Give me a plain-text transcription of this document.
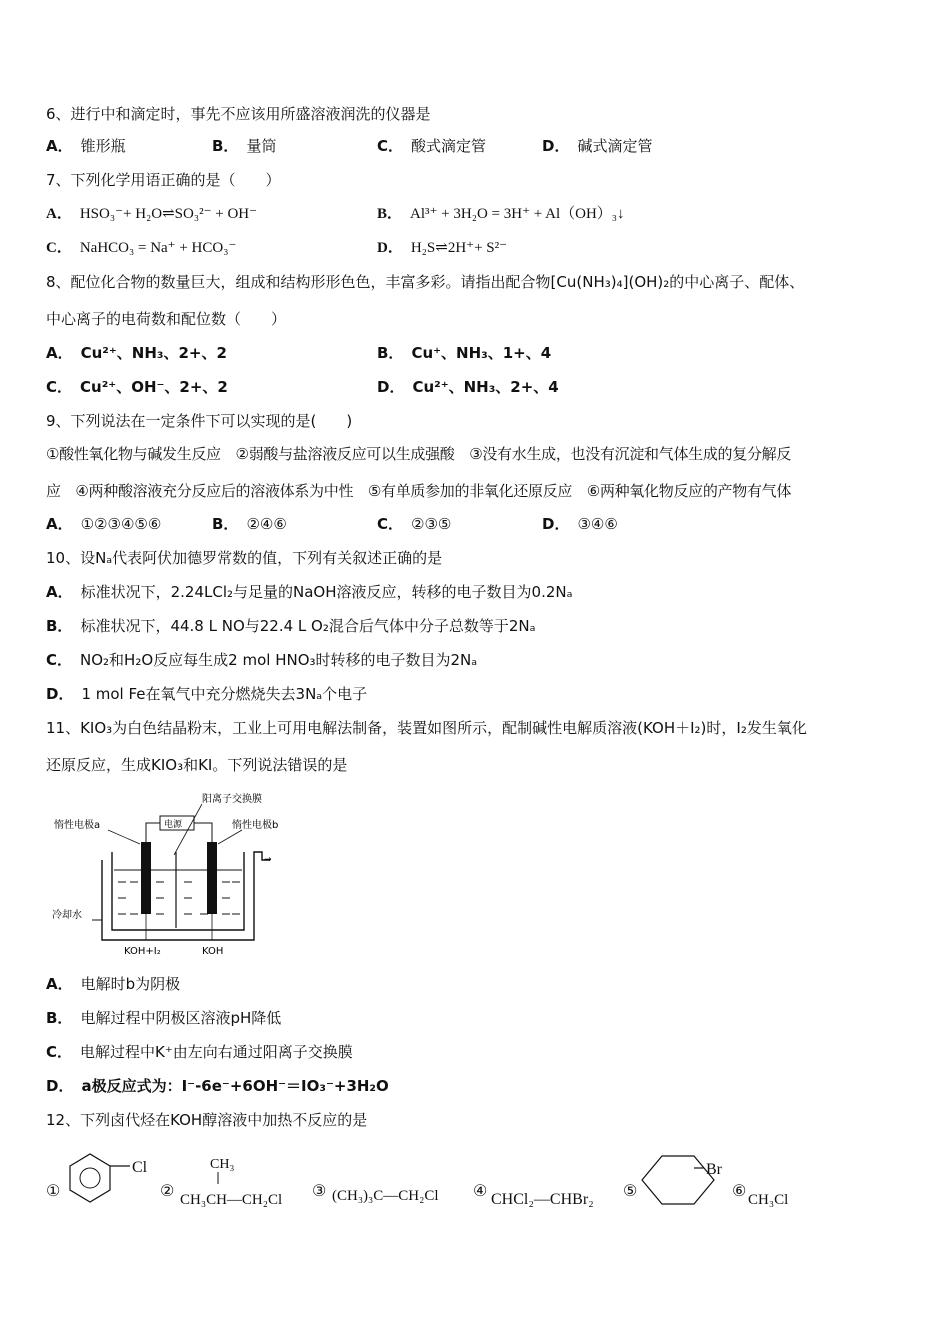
6、进行中和滴定时，事先不应该用所盛溶液润洗的仪器是
A． 锥形瓶	B． 量筒	C． 酸式滴定管	D． 碱式滴定管
7、下列化学用语正确的是（　　）
A． HSO₃⁻+ H₂O⇌SO₃²⁻ + OH⁻	B． Al³⁺ + 3H₂O = 3H⁺ + Al（OH）₃↓
C． NaHCO₃ = Na⁺ + HCO₃⁻	D． H₂S⇌2H⁺+ S²⁻
8、配位化合物的数量巨大，组成和结构形形色色，丰富多彩。请指出配合物[Cu(NH₃)₄](OH)₂的中心离子、配体、
中心离子的电荷数和配位数（　　）
A． Cu²⁺、NH₃、2+、2	B． Cu⁺、NH₃、1+、4
C． Cu²⁺、OH⁻、2+、2	D． Cu²⁺、NH₃、2+、4
9、下列说法在一定条件下可以实现的是(　　)
①酸性氧化物与碱发生反应　②弱酸与盐溶液反应可以生成强酸　③没有水生成，也没有沉淀和气体生成的复分解反
应　④两种酸溶液充分反应后的溶液体系为中性　⑤有单质参加的非氧化还原反应　⑥两种氧化物反应的产物有气体
A． ①②③④⑤⑥	B． ②④⑥	C． ②③⑤	D． ③④⑥
10、设Nₐ代表阿伏加德罗常数的值，下列有关叙述正确的是
A． 标准状况下，2.24LCl₂与足量的NaOH溶液反应，转移的电子数目为0.2Nₐ
B． 标准状况下，44.8 L NO与22.4 L O₂混合后气体中分子总数等于2Nₐ
C． NO₂和H₂O反应每生成2 mol HNO₃时转移的电子数目为2Nₐ
D． 1 mol Fe在氧气中充分燃烧失去3Nₐ个电子
11、KIO₃为白色结晶粉末，工业上可用电解法制备，装置如图所示，配制碱性电解质溶液(KOH＋I₂)时，I₂发生氧化
还原反应，生成KIO₃和KI。下列说法错误的是
阳离子交换膜
惰性电极a	惰性电极b
电源
→
冷却水
KOH+I₂	KOH
A． 电解时b为阴极
B． 电解过程中阴极区溶液pH降低
C． 电解过程中K⁺由左向右通过阳离子交换膜
D． a极反应式为：I⁻-6e⁻+6OH⁻＝IO₃⁻+3H₂O
12、下列卤代烃在KOH醇溶液中加热不反应的是
①
Cl
②
CH₃
CH₃CH—CH₂Cl ③ (CH₃)₃C—CH₂Cl ④ CHCl₂—CHBr₂ ⑤
Br
⑥ CH₃Cl
